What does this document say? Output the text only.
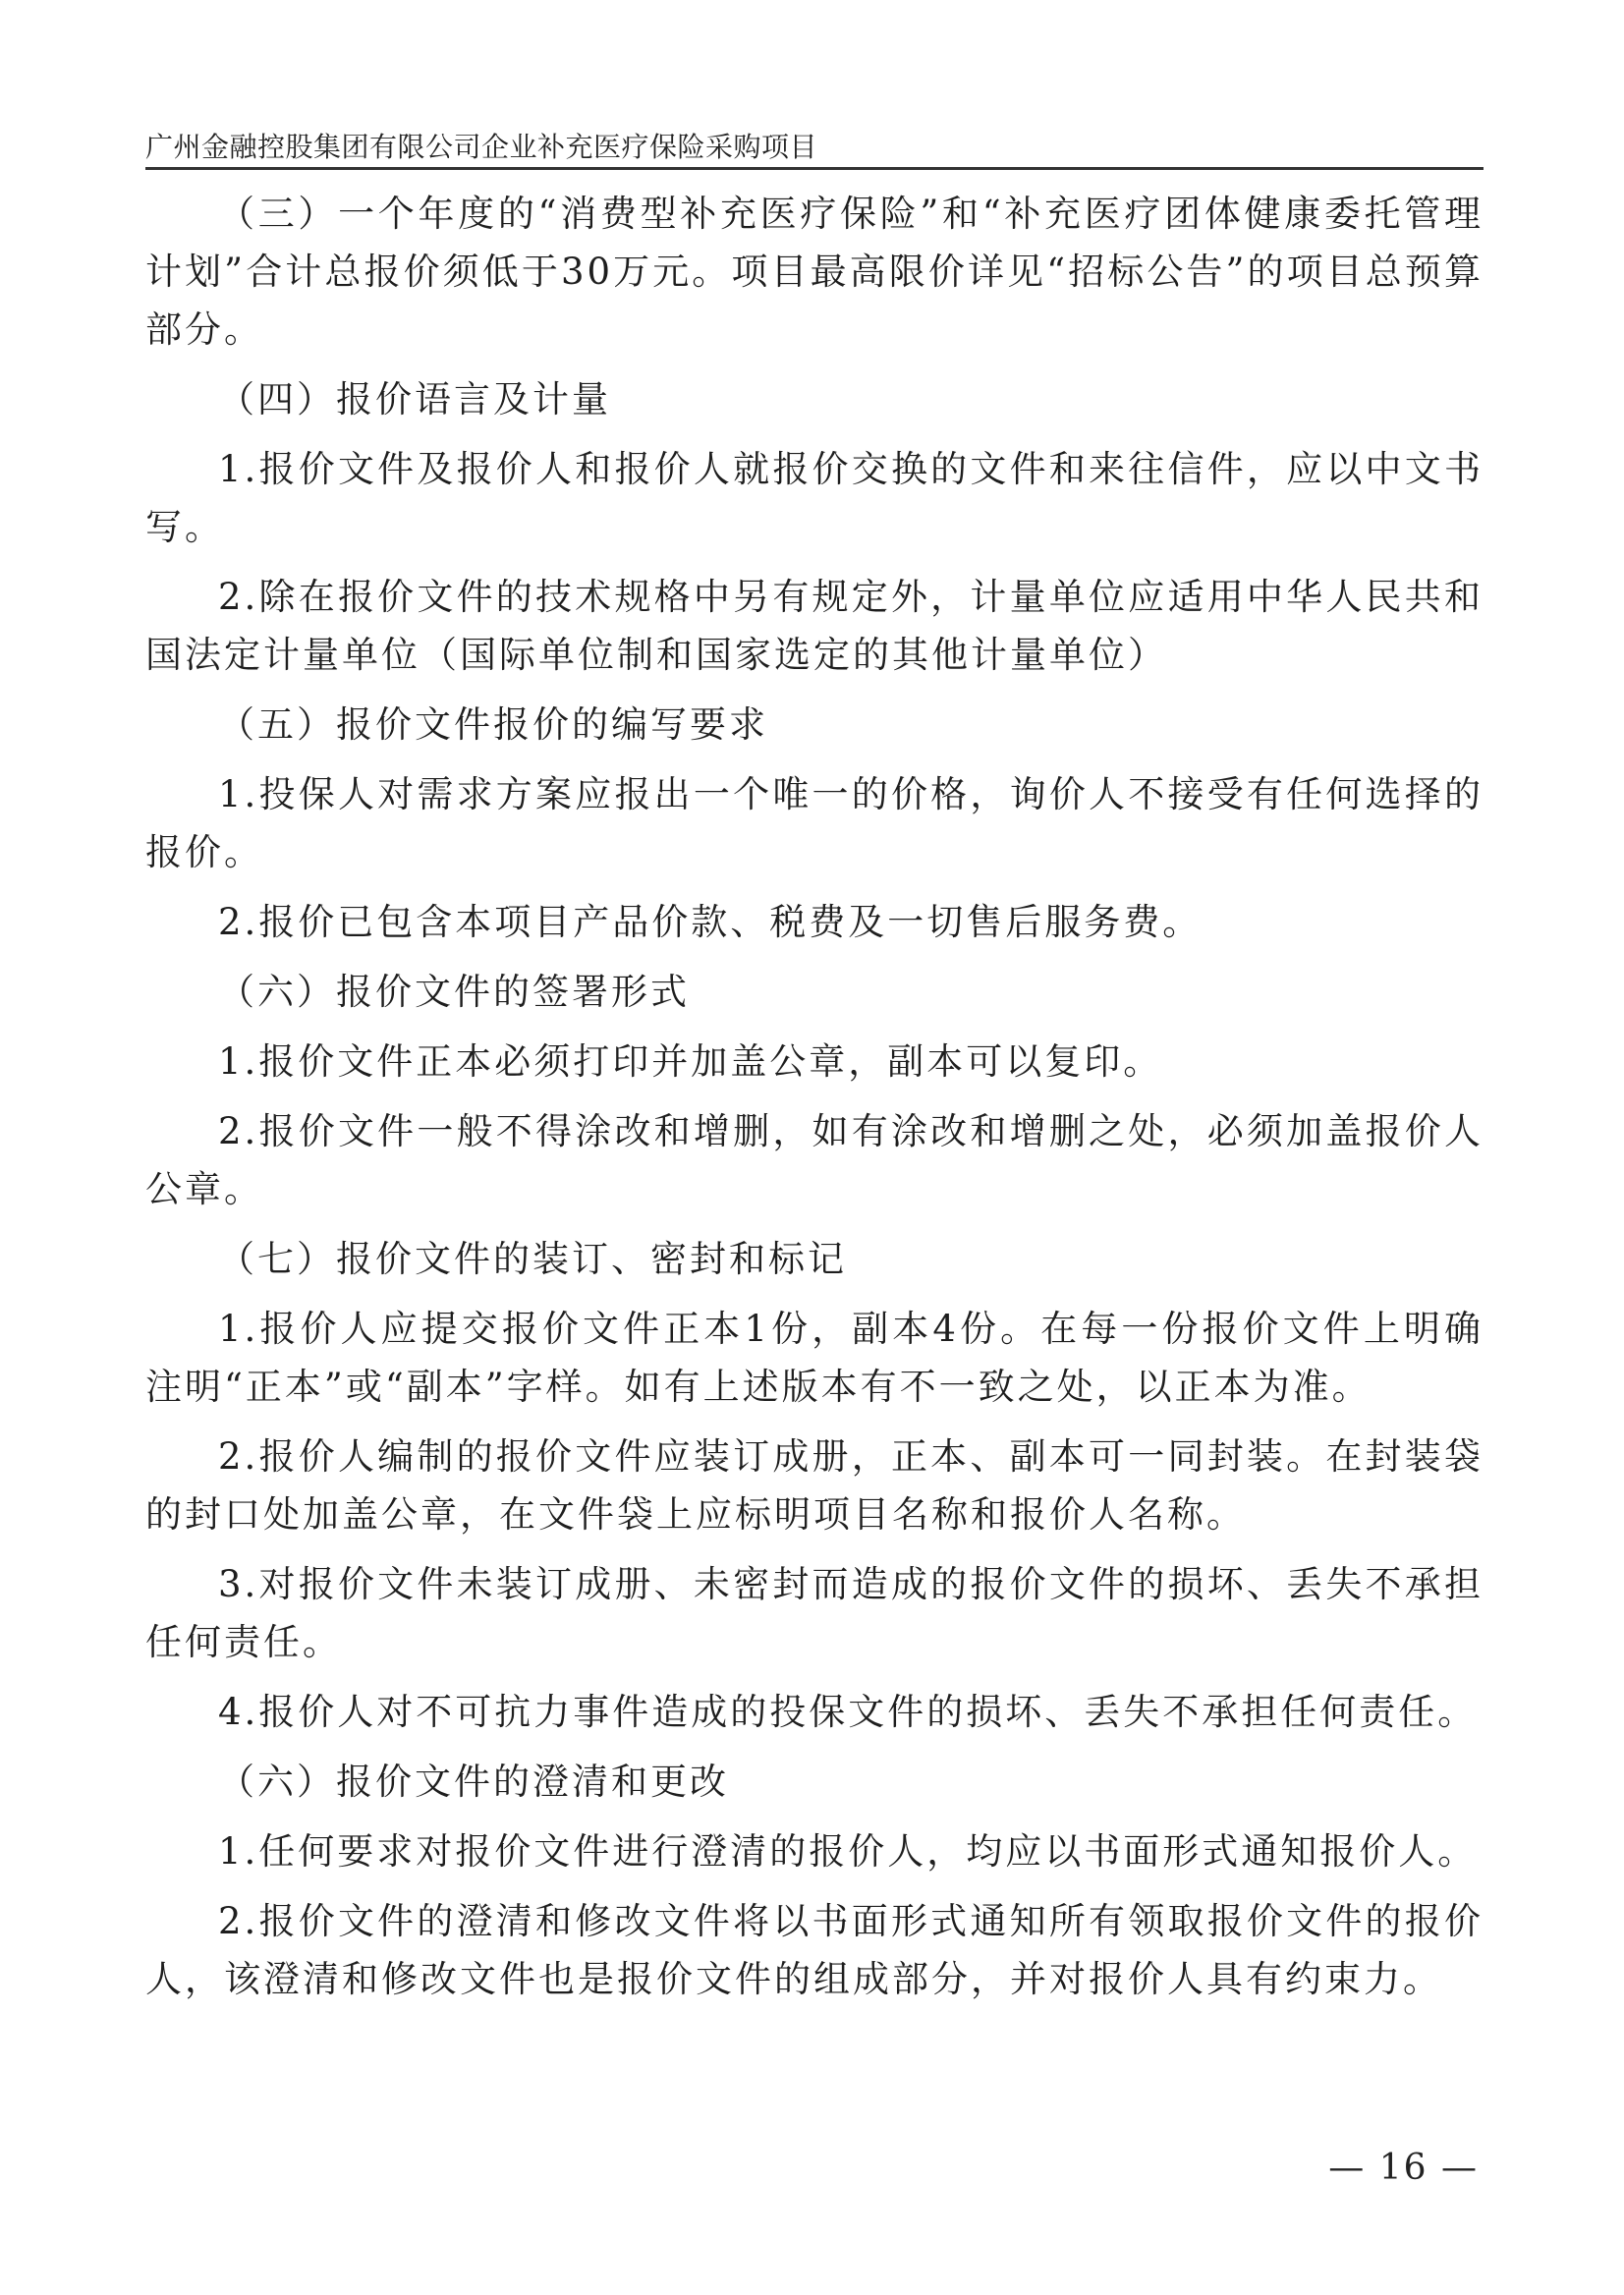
广州金融控股集团有限公司企业补充医疗保险采购项目

（三）一个年度的“消费型补充医疗保险”和“补充医疗团体健康委托管理计划”合计总报价须低于30万元。项目最高限价详见“招标公告”的项目总预算部分。

（四）报价语言及计量

1.报价文件及报价人和报价人就报价交换的文件和来往信件，应以中文书写。

2.除在报价文件的技术规格中另有规定外，计量单位应适用中华人民共和国法定计量单位（国际单位制和国家选定的其他计量单位）

（五）报价文件报价的编写要求

1.投保人对需求方案应报出一个唯一的价格，询价人不接受有任何选择的报价。

2.报价已包含本项目产品价款、税费及一切售后服务费。

（六）报价文件的签署形式

1.报价文件正本必须打印并加盖公章，副本可以复印。

2.报价文件一般不得涂改和增删，如有涂改和增删之处，必须加盖报价人公章。

（七）报价文件的装订、密封和标记

1.报价人应提交报价文件正本1份，副本4份。在每一份报价文件上明确注明“正本”或“副本”字样。如有上述版本有不一致之处，以正本为准。

2.报价人编制的报价文件应装订成册，正本、副本可一同封装。在封装袋的封口处加盖公章，在文件袋上应标明项目名称和报价人名称。

3.对报价文件未装订成册、未密封而造成的报价文件的损坏、丢失不承担任何责任。

4.报价人对不可抗力事件造成的投保文件的损坏、丢失不承担任何责任。

（六）报价文件的澄清和更改

1.任何要求对报价文件进行澄清的报价人，均应以书面形式通知报价人。

2.报价文件的澄清和修改文件将以书面形式通知所有领取报价文件的报价人，该澄清和修改文件也是报价文件的组成部分，并对报价人具有约束力。

— 16 —
